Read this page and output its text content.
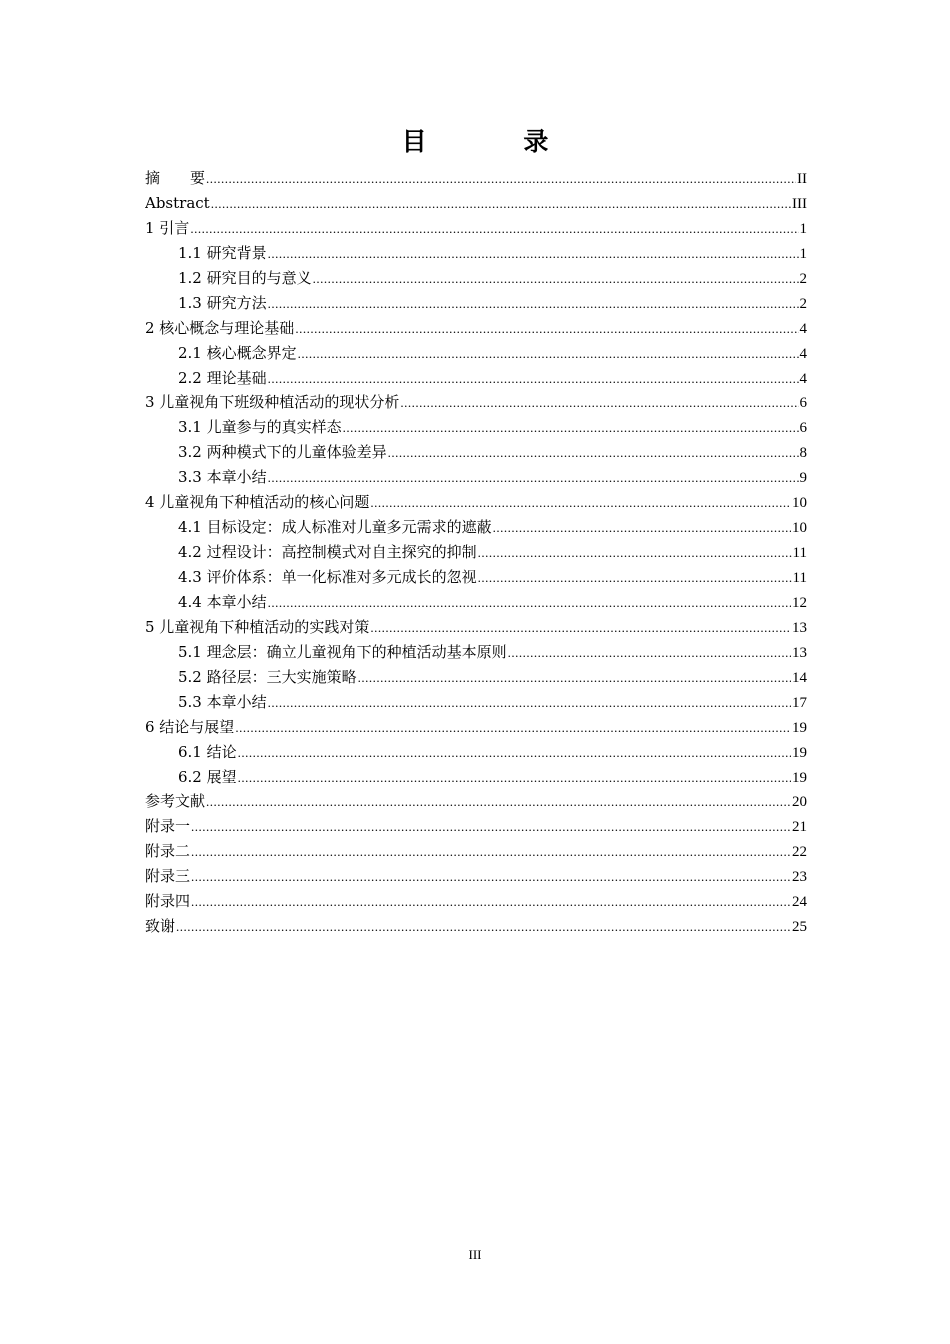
目 录
摘　　要 .....	II
Abstract .....	III
1 引言 .....	1
1.1 研究背景 .....	1
1.2 研究目的与意义 .....	2
1.3 研究方法 .....	2
2 核心概念与理论基础 .....	4
2.1 核心概念界定 .....	4
2.2 理论基础 .....	4
3 儿童视角下班级种植活动的现状分析 .....	6
3.1 儿童参与的真实样态 .....	6
3.2 两种模式下的儿童体验差异 .....	8
3.3 本章小结 .....	9
4 儿童视角下种植活动的核心问题 .....	10
4.1 目标设定：成人标准对儿童多元需求的遮蔽 .....	10
4.2 过程设计：高控制模式对自主探究的抑制 .....	11
4.3 评价体系：单一化标准对多元成长的忽视 .....	11
4.4 本章小结 .....	12
5 儿童视角下种植活动的实践对策 .....	13
5.1 理念层：确立儿童视角下的种植活动基本原则 .....	13
5.2 路径层：三大实施策略 .....	14
5.3 本章小结 .....	17
6 结论与展望 .....	19
6.1 结论 .....	19
6.2 展望 .....	19
参考文献 .....	20
附录一 .....	21
附录二 .....	22
附录三 .....	23
附录四 .....	24
致谢 .....	25
III
